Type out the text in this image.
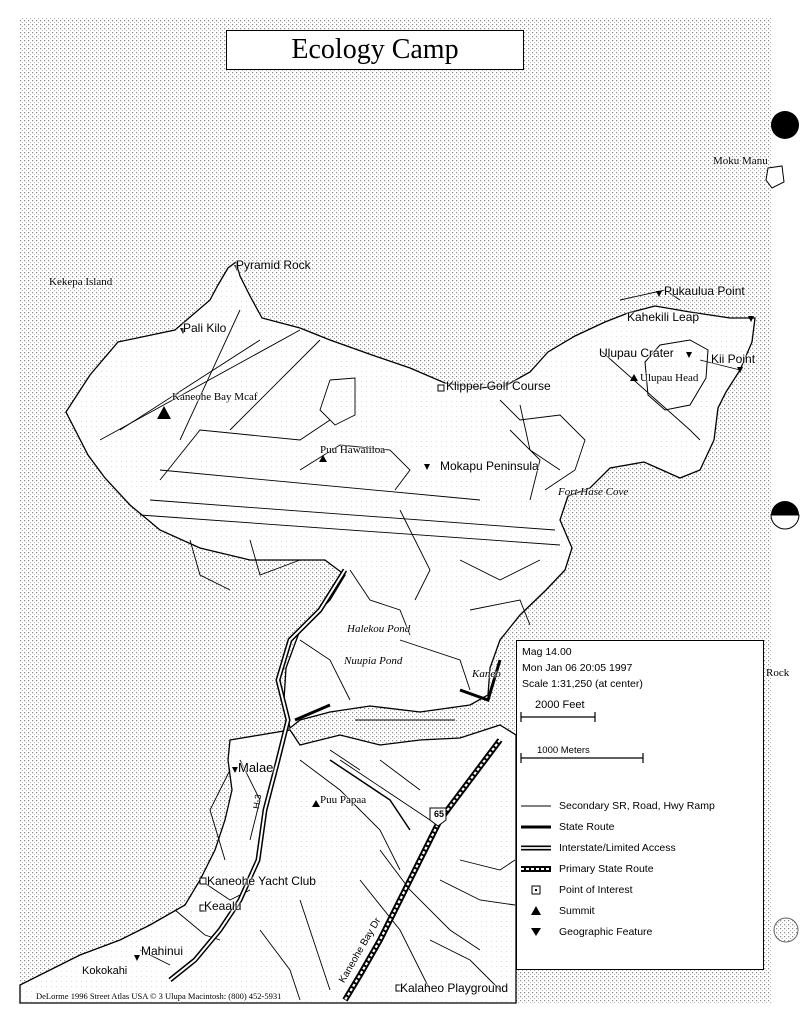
Ecology Camp
Moku Manu
Kekepa Island
Pyramid Rock
Pali Kilo
Kaneohe Bay Mcaf
Puu Hawaiiloa
Mokapu Peninsula
Klipper Golf Course
Pukaulua Point
Kahekili Leap
Ulupau Crater
Ulupau Head
Kii Point
Fort Hase Cove
Halekou Pond
Nuupia Pond
Kaneo	Rock
Malae
Puu Papaa
H-3
65
Kaneohe Yacht Club
Keaalu
Mahinui
Kokokahi	Kaneohe Bay Dr
Kalaheo Playground
Mag 14.00
Mon Jan 06 20:05 1997
Scale 1:31,250 (at center)
2000 Feet
1000 Meters
Secondary SR, Road, Hwy Ramp
State Route
Interstate/Limited Access
Primary State Route
Point of Interest
Summit
Geographic Feature
DeLorme 1996 Street Atlas USA © 3 Ulupa Macintosh: (800) 452-5931
